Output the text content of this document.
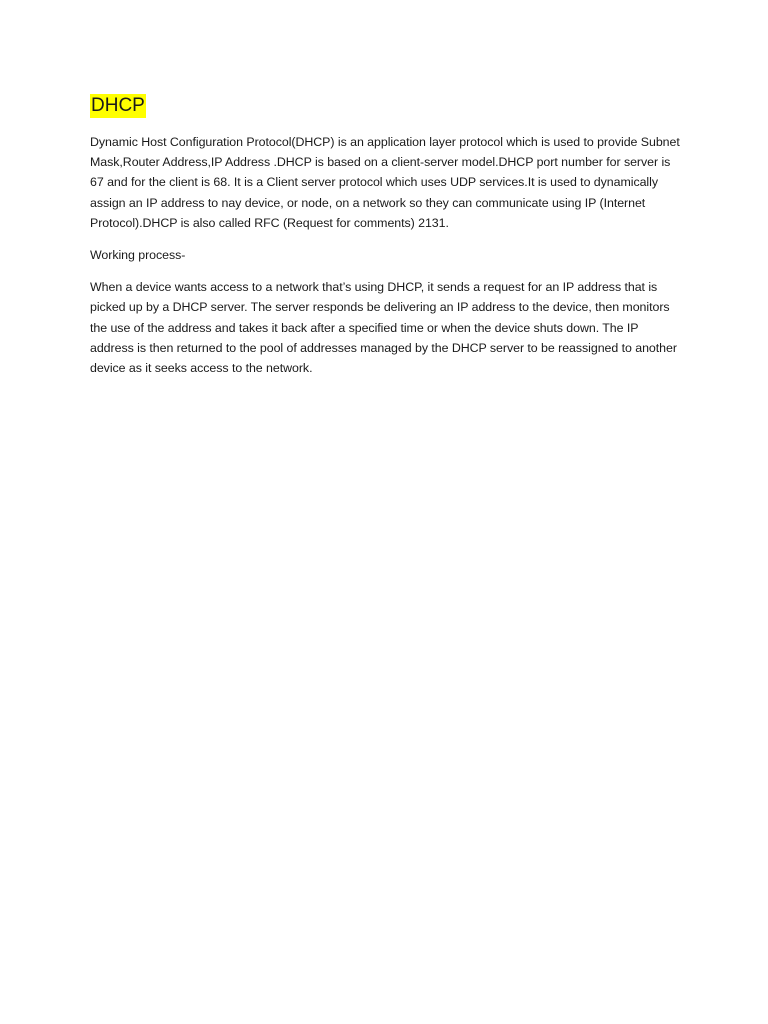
DHCP

Dynamic Host Configuration Protocol(DHCP) is an application layer protocol which is used to provide Subnet Mask,Router Address,IP Address .DHCP is based on a client-server model.DHCP port number for server is 67 and for the client is 68. It is a Client server protocol which uses UDP services.It is used to dynamically assign an IP address to nay device, or node, on a network so they can communicate using IP (Internet Protocol).DHCP is also called RFC (Request for comments) 2131.

Working process-

When a device wants access to a network that’s using DHCP, it sends a request for an IP address that is picked up by a DHCP server. The server responds be delivering an IP address to the device, then monitors the use of the address and takes it back after a specified time or when the device shuts down. The IP address is then returned to the pool of addresses managed by the DHCP server to be reassigned to another device as it seeks access to the network.
